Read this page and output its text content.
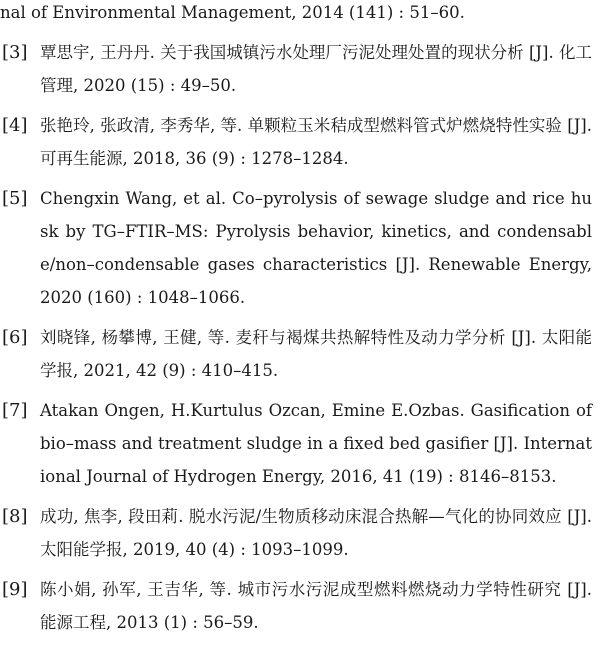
nal of Environmental Management, 2014 (141) : 51–60.
[3] 覃思宇, 王丹丹. 关于我国城镇污水处理厂污泥处理处置的现状分析 [J]. 化工管理, 2020 (15) : 49–50.
[4] 张艳玲, 张政清, 李秀华, 等. 单颗粒玉米秸成型燃料管式炉燃烧特性实验 [J]. 可再生能源, 2018, 36 (9) : 1278–1284.
[5] Chengxin Wang, et al. Co–pyrolysis of sewage sludge and rice husk by TG–FTIR–MS: Pyrolysis behavior, kinetics, and condensable/non–condensable gases characteristics [J]. Renewable Energy, 2020 (160) : 1048–1066.
[6] 刘晓锋, 杨攀博, 王健, 等. 麦秆与褐煤共热解特性及动力学分析 [J]. 太阳能学报, 2021, 42 (9) : 410–415.
[7] Atakan Ongen, H.Kurtulus Ozcan, Emine E.Ozbas. Gasification of bio–mass and treatment sludge in a fixed bed gasifier [J]. International Journal of Hydrogen Energy, 2016, 41 (19) : 8146–8153.
[8] 成功, 焦李, 段田莉. 脱水污泥/生物质移动床混合热解—气化的协同效应 [J]. 太阳能学报, 2019, 40 (4) : 1093–1099.
[9] 陈小娟, 孙军, 王吉华, 等. 城市污水污泥成型燃料燃烧动力学特性研究 [J]. 能源工程, 2013 (1) : 56–59.
